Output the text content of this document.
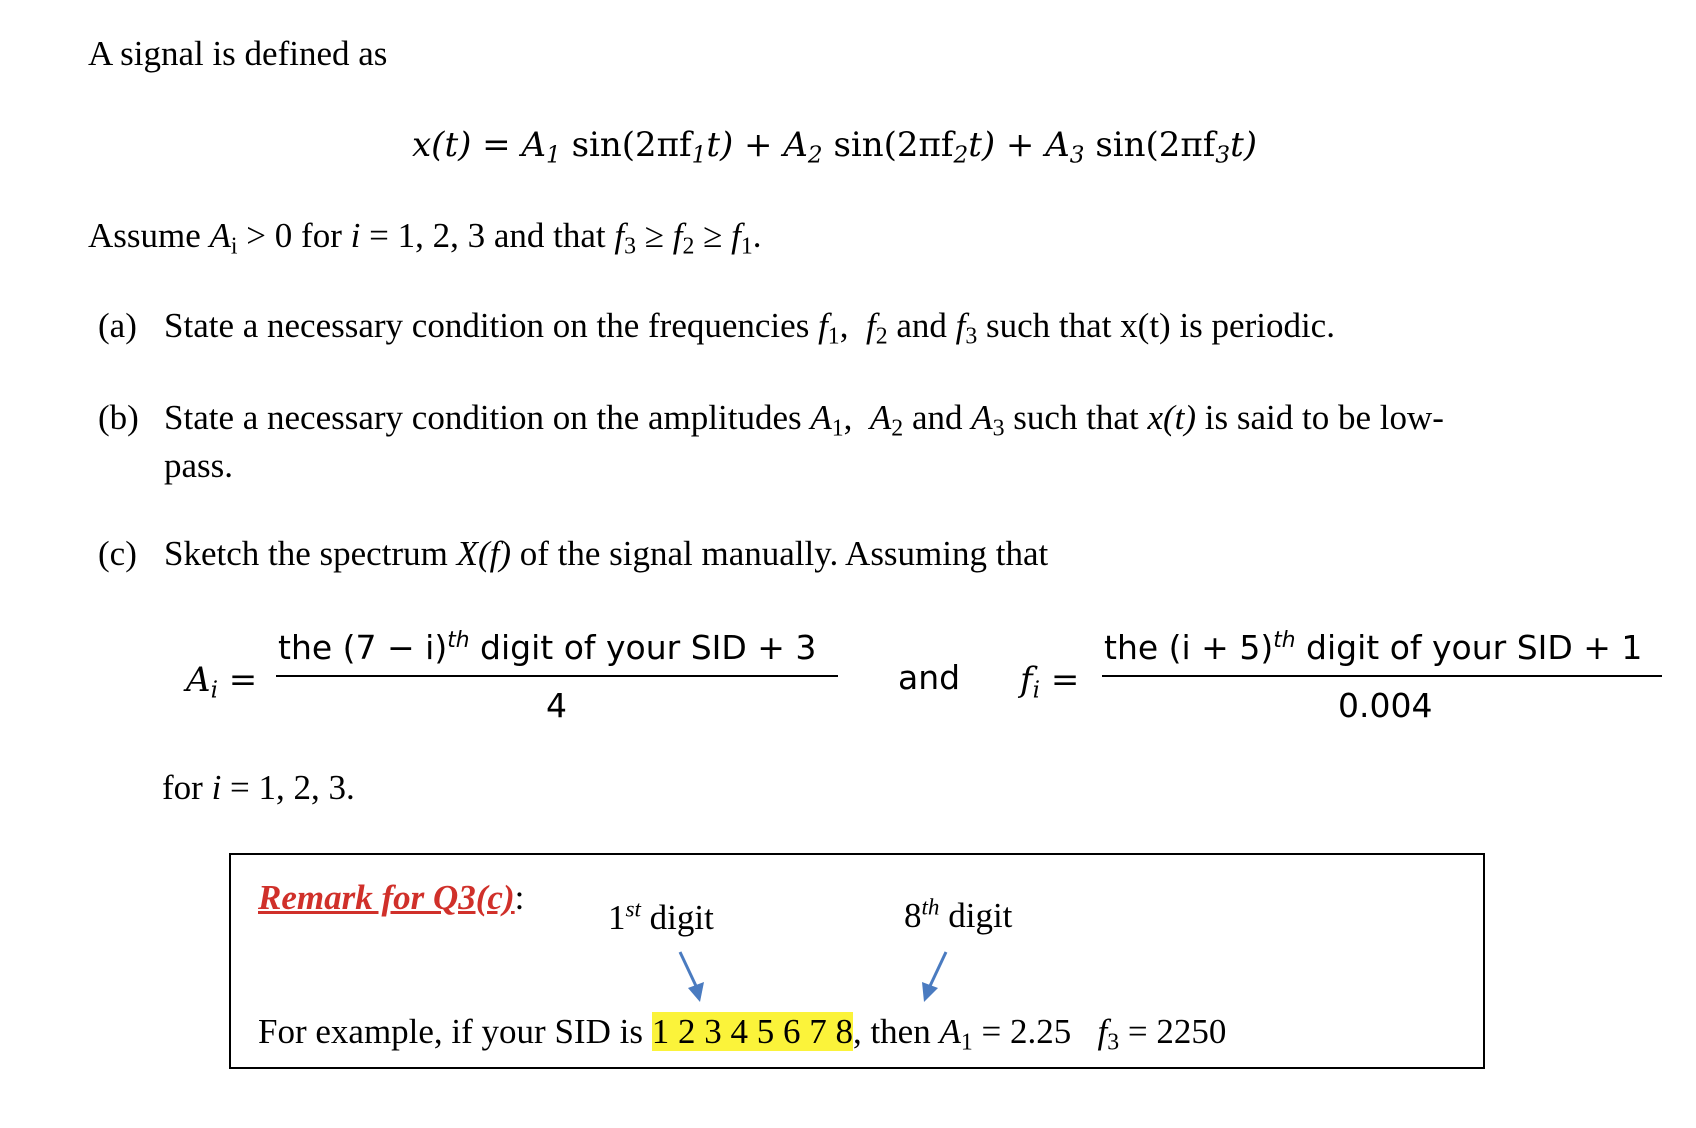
A signal is defined as
$x(t) = A_1$ $\sin(2\pi f_1t) + A_2$ $\sin(2\pi f_2t) + A_3$ $\sin(2\pi f_3t)$
Assume $A_i > 0$ for i = 1, 2, 3 and that $f_3 \ge f_2 \ge f_1$.
(a) State a necessary condition on the frequencies $f_1$, $f_2$ and $f_3$ such that x(t) is periodic.
(b) State a necessary condition on the amplitudes $A_1$, $A_2$ and $A_3$ such that x(t) is said to be low-
pass.
(c) Sketch the spectrum X(f) of the signal manually. Assuming that
$A_i$ =
the $(7 - i)^{th}$ digit of your SID + 3
4
and $f_i$ =
the $(i + 5)^{th}$ digit of your SID + 1
0.004
for i = 1, 2, 3.
Remark for Q3(c):
1st digit	8th digit
For example, if your SID is 1 2 3 4 5 6 7 8, then $A_1 = 2.25$ $f_3 = 2250$
